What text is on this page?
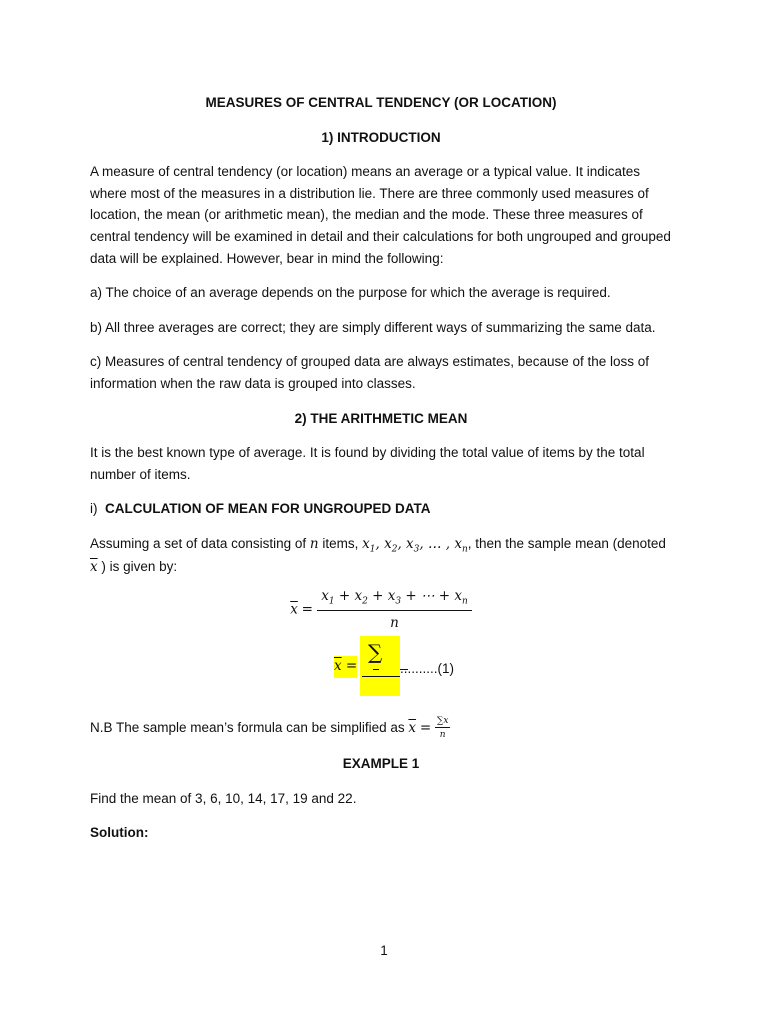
MEASURES OF CENTRAL TENDENCY (OR LOCATION)

1) INTRODUCTION

A measure of central tendency (or location) means an average or a typical value. It indicates where most of the measures in a distribution lie. There are three commonly used measures of location, the mean (or arithmetic mean), the median and the mode. These three measures of central tendency will be examined in detail and their calculations for both ungrouped and grouped data will be explained. However, bear in mind the following:

a) The choice of an average depends on the purpose for which the average is required.

b) All three averages are correct; they are simply different ways of summarizing the same data.

c) Measures of central tendency of grouped data are always estimates, because of the loss of information when the raw data is grouped into classes.

2) THE ARITHMETIC MEAN

It is the best known type of average. It is found by dividing the total value of items by the total number of items.

i) CALCULATION OF MEAN FOR UNGROUPED DATA

Assuming a set of data consisting of n items, $x_1$, $x_2$, $x_3$, … , $x_n$, then the sample mean (denoted
$\overline{x}$ ) is given by:

$\overline{x} = \frac{x_1 + x_2 + x_3 + \cdots + x_n}{n}$
$\overline{x}$ =
∑
..........(1)

N.B The sample mean’s formula can be simplified as $\overline{x} = \frac{\sum x}{n}$

EXAMPLE 1

Find the mean of 3, 6, 10, 14, 17, 19 and 22.

Solution:

1
